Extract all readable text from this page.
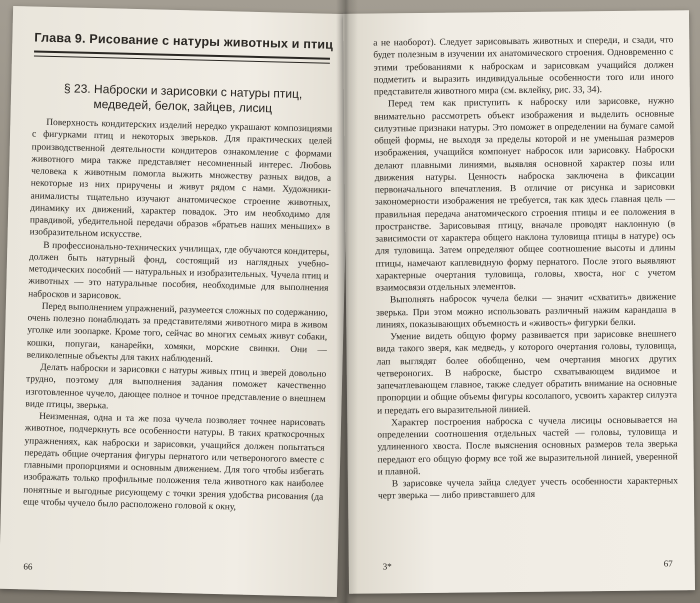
Глава 9. Рисование с натуры животных и птиц
§ 23. Наброски и зарисовки с натуры птиц, медведей, белок, зайцев, лисиц

Поверхность кондитерских изделий нередко украшают композициями с фигурками птиц и некоторых зверьков. Для практических целей производственной деятельности кондитеров ознакомление с формами животного мира также представляет несомненный интерес. Любовь человека к животным помогла выжить множеству разных видов, а некоторые из них приручены и живут рядом с нами. Художники-анималисты тщательно изучают анатомическое строение животных, динамику их движений, характер повадок. Это им необходимо для правдивой, убедительной передачи образов «братьев наших меньших» в изобразительном искусстве.

В профессионально-технических училищах, где обучаются кондитеры, должен быть натурный фонд, состоящий из наглядных учебно-методических пособий — натуральных и изобразительных. Чучела птиц и животных — это натуральные пособия, необходимые для выполнения набросков и зарисовок.

Перед выполнением упражнений, разумеется сложных по содержанию, очень полезно понаблюдать за представителями животного мира в живом уголке или зоопарке. Кроме того, сейчас во многих семьях живут собаки, кошки, попугаи, канарейки, хомяки, морские свинки. Они — великолепные объекты для таких наблюдений.

Делать наброски и зарисовки с натуры живых птиц и зверей довольно трудно, поэтому для выполнения задания поможет качественно изготовленное чучело, дающее полное и точное представление о внешнем виде птицы, зверька.

Неизменная, одна и та же поза чучела позволяет точнее нарисовать животное, подчеркнуть все особенности натуры. В таких краткосрочных упражнениях, как наброски и зарисовки, учащийся должен попытаться передать общие очертания фигуры пернатого или четвероногого вместе с главными пропорциями и основным движением. Для того чтобы избегать изображать только профильные положения тела животного как наиболее понятные и выгодные рисующему с точки зрения удобства рисования (да еще чтобы чучело было расположено головой к окну,

66

а не наоборот). Следует зарисовывать животных и спереди, и сзади, что будет полезным в изучении их анатомического строения. Одновременно с этими требованиями к наброскам и зарисовкам учащийся должен подметить и выразить индивидуальные особенности того или иного представителя животного мира (см. вклейку, рис. 33, 34).

Перед тем как приступить к наброску или зарисовке, нужно внимательно рассмотреть объект изображения и выделить основные силуэтные признаки натуры. Это поможет в определении на бумаге самой общей формы, не выходя за пределы которой и не уменьшая размеров изображения, учащийся компонует набросок или зарисовку. Наброски делают плавными линиями, выявляя основной характер позы или движения натуры. Ценность наброска заключена в фиксации первоначального впечатления. В отличие от рисунка и зарисовки закономерности изображения не требуется, так как здесь главная цель — правильная передача анатомического строения птицы и ее положения в пространстве. Зарисовывая птицу, вначале проводят наклонную (в зависимости от характера общего наклона туловища птицы в натуре) ось для туловища. Затем определяют общее соотношение высоты и длины птицы, намечают каплевидную форму пернатого. После этого выявляют характерные очертания туловища, головы, хвоста, ног с учетом взаимосвязи отдельных элементов.

Выполнять набросок чучела белки — значит «схватить» движение зверька. При этом можно использовать различный нажим карандаша в линиях, показывающих объемность и «живость» фигурки белки.

Умение видеть общую форму развивается при зарисовке внешнего вида такого зверя, как медведь, у которого очертания головы, туловища, лап выглядят более обобщенно, чем очертания многих других четвероногих. В наброске, быстро схватывающем видимое и запечатлевающем главное, также следует обратить внимание на основные пропорции и общие объемы фигуры косолапого, усвоить характер силуэта и передать его выразительной линией.

Характер построения наброска с чучела лисицы основывается на определении соотношения отдельных частей — головы, туловища и удлиненного хвоста. После выяснения основных размеров тела зверька передают его общую форму все той же выразительной линией, уверенной и плавной.

В зарисовке чучела зайца следует учесть особенности характерных черт зверька — либо привставшего для

3*	67
